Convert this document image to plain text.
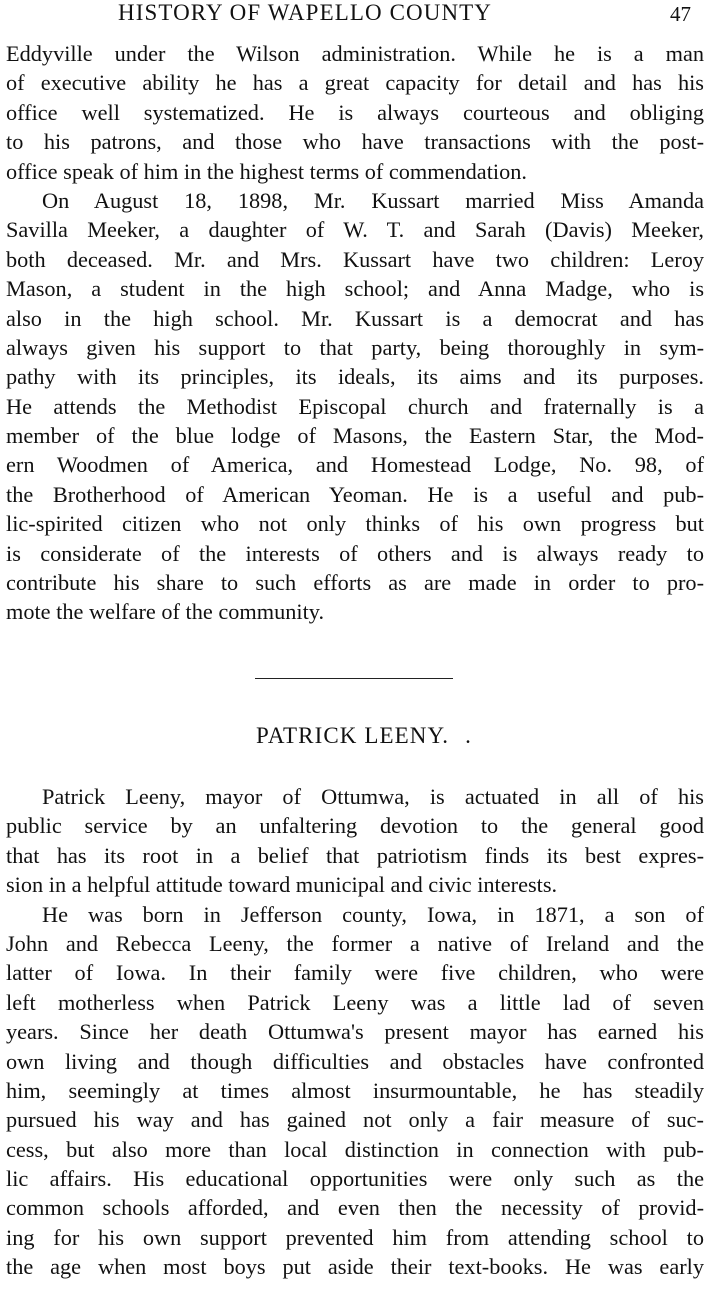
HISTORY OF WAPELLO COUNTY	47
Eddyville under the Wilson administration. While he is a man
of executive ability he has a great capacity for detail and has his
office well systematized. He is always courteous and obliging
to his patrons, and those who have transactions with the post-
office speak of him in the highest terms of commendation.
On August 18, 1898, Mr. Kussart married Miss Amanda
Savilla Meeker, a daughter of W. T. and Sarah (Davis) Meeker,
both deceased. Mr. and Mrs. Kussart have two children: Leroy
Mason, a student in the high school; and Anna Madge, who is
also in the high school. Mr. Kussart is a democrat and has
always given his support to that party, being thoroughly in sym-
pathy with its principles, its ideals, its aims and its purposes.
He attends the Methodist Episcopal church and fraternally is a
member of the blue lodge of Masons, the Eastern Star, the Mod-
ern Woodmen of America, and Homestead Lodge, No. 98, of
the Brotherhood of American Yeoman. He is a useful and pub-
lic-spirited citizen who not only thinks of his own progress but
is considerate of the interests of others and is always ready to
contribute his share to such efforts as are made in order to pro-
mote the welfare of the community.
PATRICK LEENY. .
Patrick Leeny, mayor of Ottumwa, is actuated in all of his
public service by an unfaltering devotion to the general good
that has its root in a belief that patriotism finds its best expres-
sion in a helpful attitude toward municipal and civic interests.
He was born in Jefferson county, Iowa, in 1871, a son of
John and Rebecca Leeny, the former a native of Ireland and the
latter of Iowa. In their family were five children, who were
left motherless when Patrick Leeny was a little lad of seven
years. Since her death Ottumwa's present mayor has earned his
own living and though difficulties and obstacles have confronted
him, seemingly at times almost insurmountable, he has steadily
pursued his way and has gained not only a fair measure of suc-
cess, but also more than local distinction in connection with pub-
lic affairs. His educational opportunities were only such as the
common schools afforded, and even then the necessity of provid-
ing for his own support prevented him from attending school to
the age when most boys put aside their text-books. He was early
